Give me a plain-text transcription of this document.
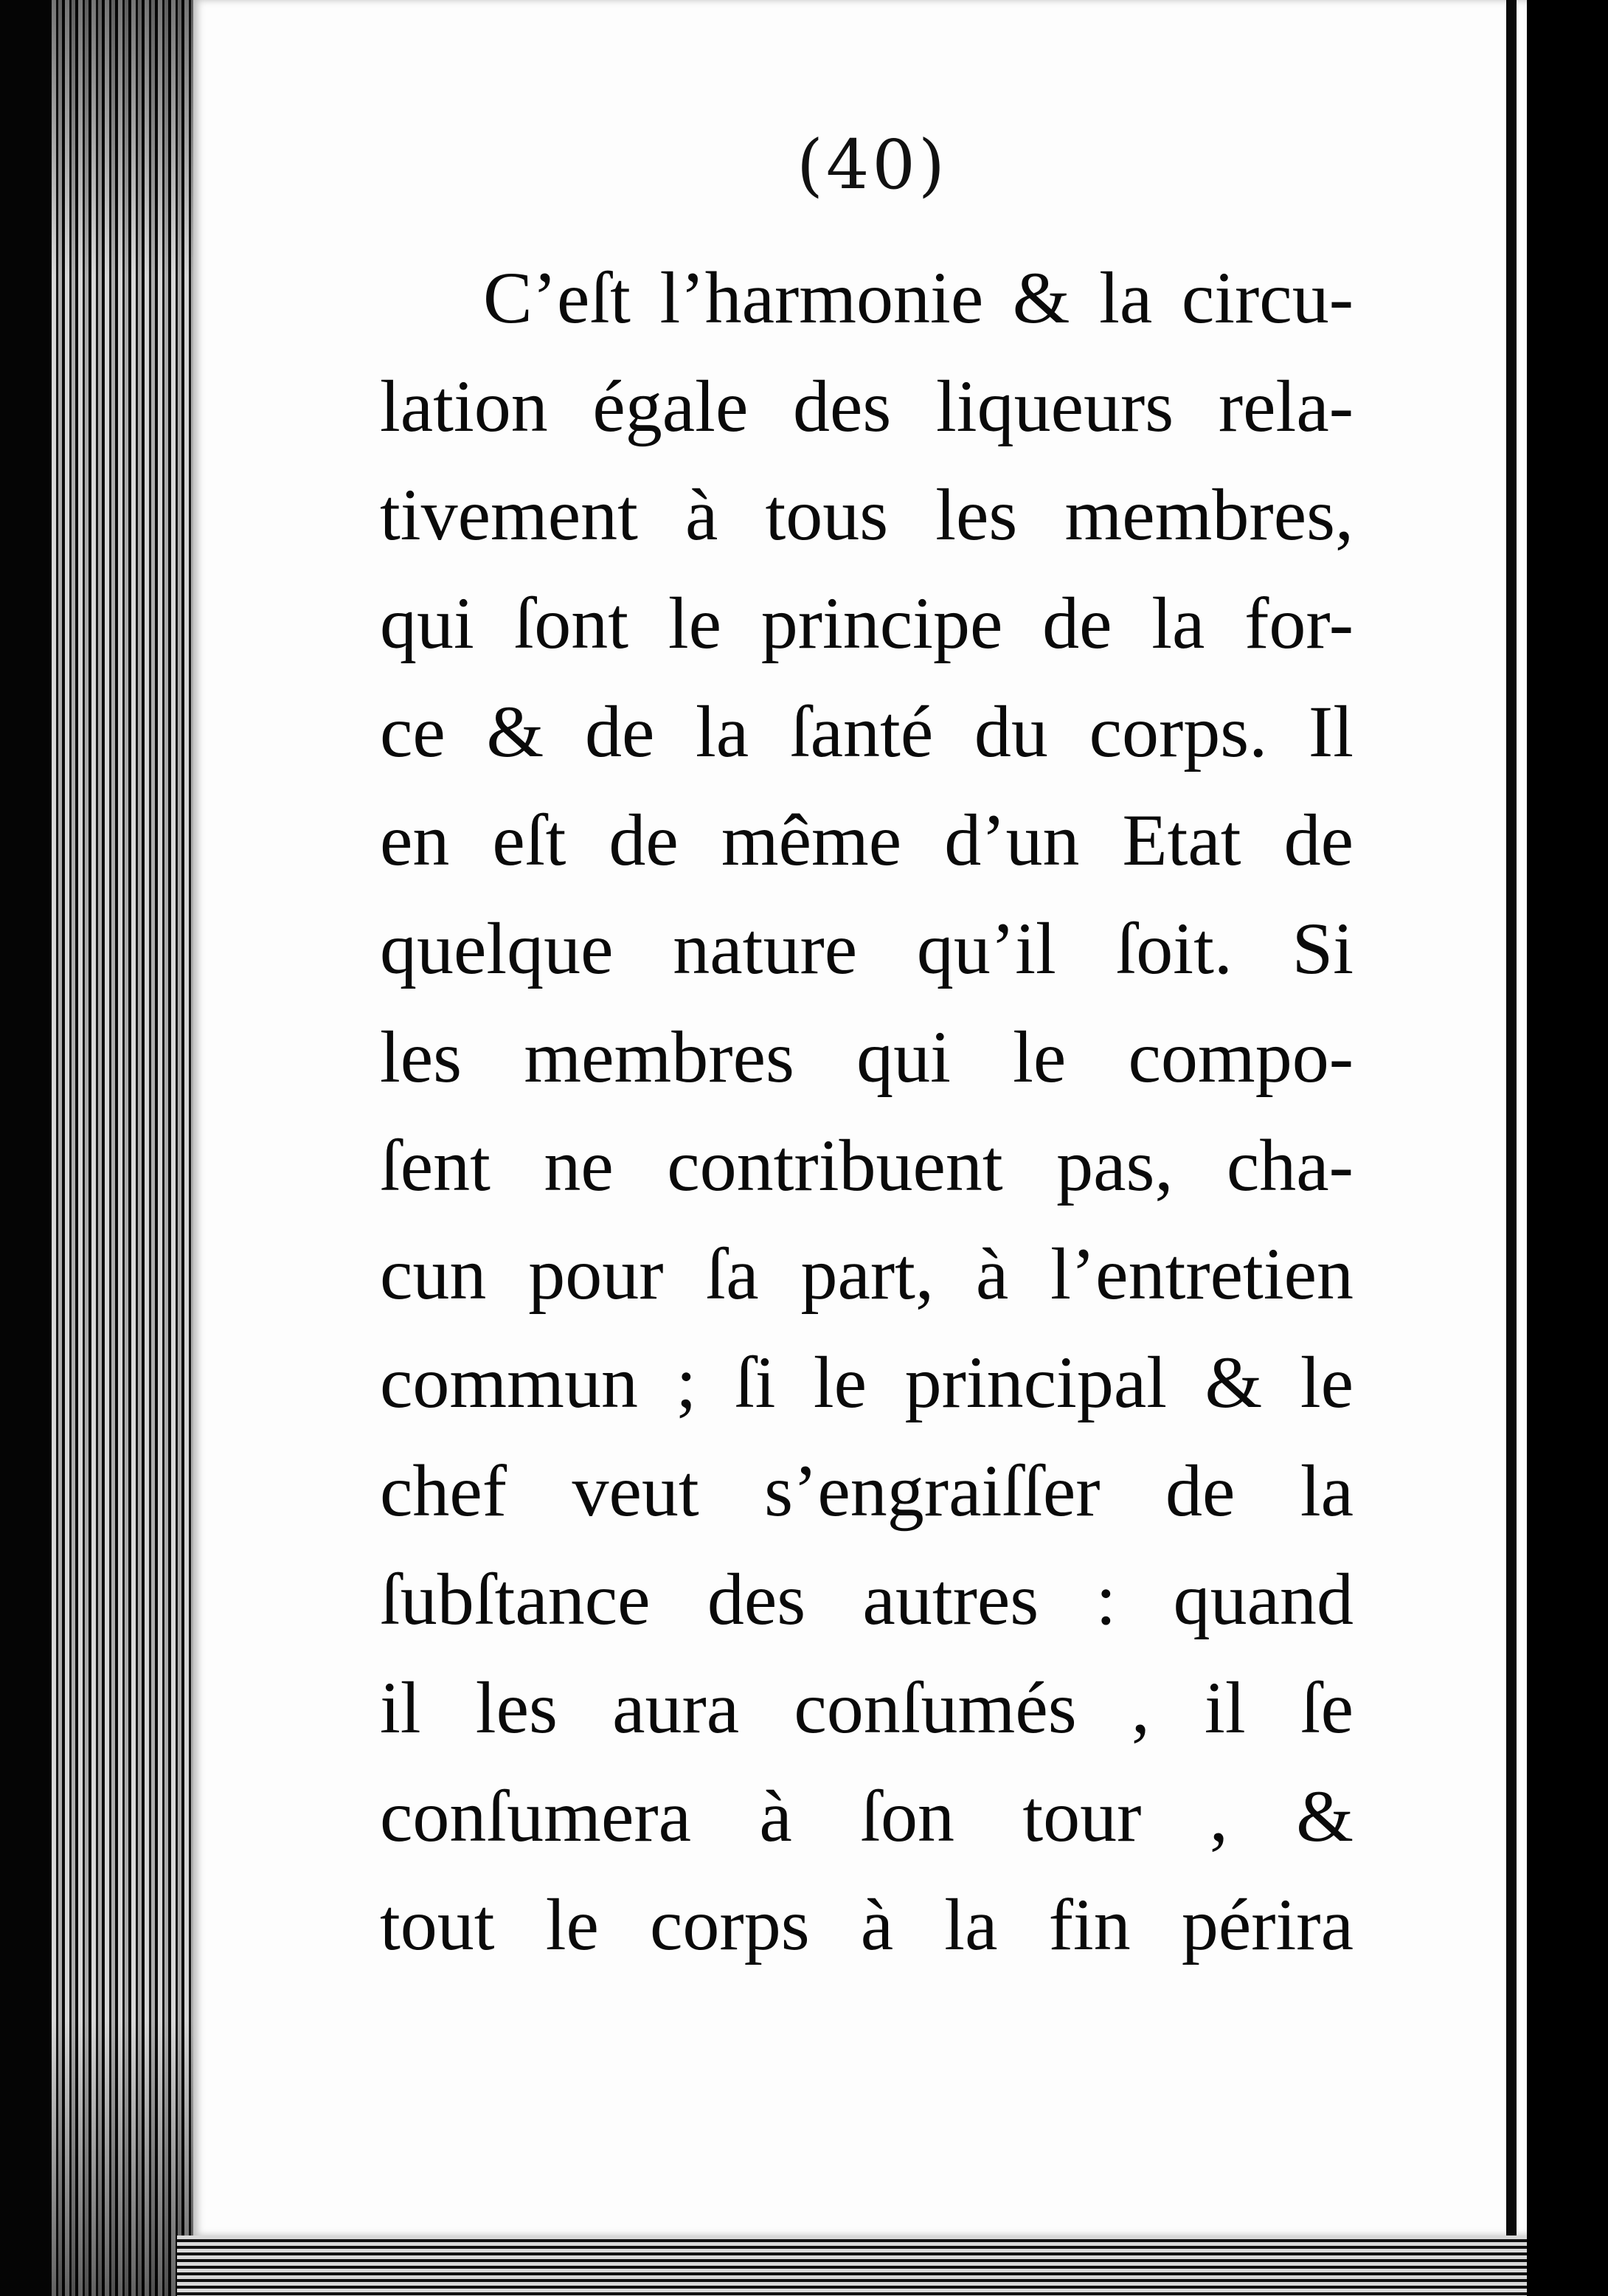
(40)
C’eſt l’harmonie & la circu-
lation égale des liqueurs rela-
tivement à tous les membres,
qui ſont le principe de la for-
ce & de la ſanté du corps. Il
en eſt de même d’un Etat de
quelque nature qu’il ſoit. Si
les membres qui le compo-
ſent ne contribuent pas, cha-
cun pour ſa part, à l’entretien
commun ; ſi le principal & le
chef veut s’engraiſſer de la
ſubſtance des autres : quand
il les aura conſumés , il ſe
conſumera à ſon tour , &
tout le corps à la fin périra
